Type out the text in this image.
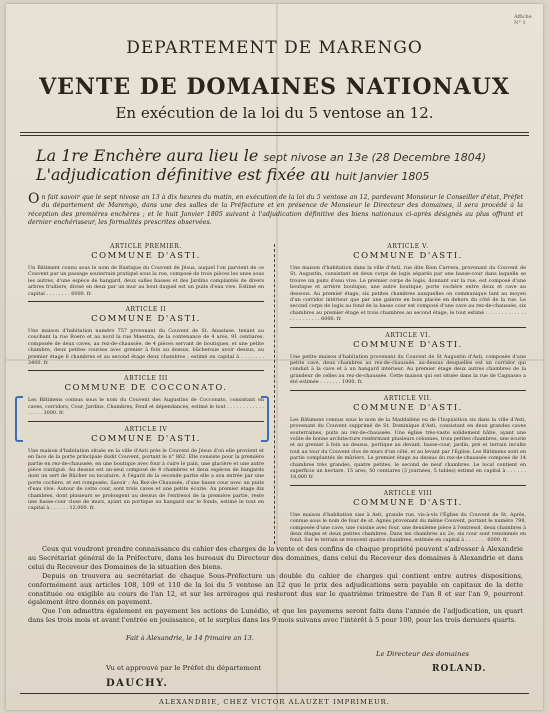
Affiche N° 1
DEPARTEMENT DE MARENGO
VENTE DE DOMAINES NATIONAUX
En exécution de la loi du 5 ventose an 12.
La 1re Enchère aura lieu le sept nivose an 13e (28 Decembre 1804)
L'adjudication définitive est fixée au huit Janvier 1805
O n fait savoir que le sept nivose an 13 à dix heures du matin, en exécution de la loi du 5 ventose an 12, pardevant Monsieur le Conseiller d'état, Préfet du département de Marengo, dans une des salles de la Préfecture et en présence de Monsieur le Directeur des domaines, il sera procédé à la réception des premières enchères ; et le huit Janvier 1805 suivant à l'adjudication définitive des biens nationaux ci-après désignés au plus offrant et dernier enchérisseur, les formalités prescrites observées.

ARTICLE PREMIER.

COMMUNE D'ASTI.

Un Bâtiment connu sous le nom de Rustique du Couvent de Jésus, auquel l'on parvient de ce Couvent par un passage souterrain pratiqué sous la rue, composé de trois pièces les unes sous les autres, d'une espèce de hangard, deux salles basses et des Jardins complantés de divers arbres fruitiers, divisé en deux par un mur au bout duquel est un puits d'eau vive. Estimé en capital . . . . . . . . 6000. fr.

ARTICLE II

COMMUNE D'ASTI.

Une maison d'habitation numéro 757 provenant du Couvent de St. Anastase, tenant au couchant la rue Roero et au nord la rue Maestra, de la contenance de 4 ares, 91 centiares, composée de deux caves, au rez-de-chaussée, de 4 pièces servant de boutiques, et une petite chambre, deux petites courses avec grenier à foin au dessus, bûcheroue avoir dessus, au premier étage 6 chambres et au second étage deux chambres ; estimé en capital à . . . . . . . 3400. fr.

ARTICLE III

COMMUNE DE COCCONATO.

Les Bâtimens connus sous le nom du Couvent des Augustins de Cocconato, consistant en caves, corridors, Cour, Jardins, Chambres, Fenil et dépendances, estimé le tout . . . . . . . . . . . . . . . . . 3000. fr.

ARTICLE IV

COMMUNE D'ASTI.

Une maison d'habitation située en la ville d'Asti près le Couvent de Jésus d'où elle provient et en face de la porte principale dudit Couvent, portant le n° 862. Elle consiste pour la première partie en rez-de-chaussée, en une boutique avec four à cuire le pain, une glacière et une autre pièce contiguë. Au dessus est un-seul composé de 4 chambres et deux espèces de hangards dont un sert de Bûcher ou locataire. A l'égard de la seconde partie elle a son entrée par une porte cochère, et est composée, Savoir : Au Rez-de-Chaussée, d'une basse cour avec un puits d'eau vive. Autour de cette cour, sont trois caves et une petite écurie. Au premier étage dix chambres, dont plusieurs se prolongent au dessus de l'entresol de la première partie, reste une basse-cour close de murs, ayant un portique au hangard sur le fonds, estimé le tout en capital à . . . . . . 12,000. fr.

ARTICLE V.

COMMUNE D'ASTI.

Une maison d'habitation dans la ville d'Asti, rue dite Rion Carrera, provenant du Couvent de St. Augustin, consistant en deux corps de logis séparés par une basse-cour dans laquelle se trouve un puits d'eau vive. Le premier corps de logis, donnant sur la rue, est composé d'une boutique et arrière boutique, une autre boutique, porte cochère entre deux et cave au dessous. Au premier étage, six petites chambres auxquelles on communique tant au moyen d'un corridor intérieur que par une galerie en bois placée en dehors du côté de la rue. Le second corps de logis au fond de la basse cour est composé d'une cave au rez-de-chaussée, six chambres au premier étage et trois chambres au second étage, le tout estimé . . . . . . . . . . . . . . . . . . . . . . . 6000. fr.

ARTICLE VI.

COMMUNE D'ASTI.

Une petite maison d'habitation provenant du Couvent de St Augustin d'Asti, composée d'une petite cave, deux chambres au rez-de-chaussée, au-dessus desquelles est un corridor qui conduit à la cave et à un hangard intérieur. Au premier étage deux autres chambres de la grandeur de celles au rez-de-chaussée. Cette maison qui est située dans la rue de Cagnasso a été estimée . . . . . . . 1900. fr.

ARTICLE VII.

COMMUNE D'ASTI.

Les Bâtimens connus sous le nom de la Maddalène ou de l'Inquisition sis dans la ville d'Asti, provenant du Couvent supprimé de St. Dominique d'Asti, consistant en deux grandes caves souterraines, puits au rez-de-chaussée. Une église très-vaste solidement bâtie, ayant une voûte de bonne architecture renfermant plusieurs colonnes, trois petites chambres, une écurie et au grenier à foin au dessus, portique au devant, basse-cour, jardin, pré et terrain inculte tout au tour du Couvent clos de murs d'un côté, et au levant par l'Église. Les Bâtimens sont en partie complantés de mûriers. Le premier étage au dessus du rez-de-chaussée composé de 14 chambres très grandes, quatre petites, le second de neuf chambres. Le local contient en superficie un hectare, 15 ares, 50 centiares (3 journées, 5 tables) estimé en capital à . . . . . . 18,000 fr.

ARTICLE VIII

COMMUNE D'ASTI.

Une maison d'habitation sise à Asti, grande rue, vis-à-vis l'Église du Couvent de St. Après, connue sous le nom de four de st. Agnès provenant du même Couvent, portant le numéro 798, composée d'une cave, une cuisine avec four, une deuxième pièce à l'entresol, deux chambres à deux étages et deux petites chambres. Dans les chambres au 2e, six cour sont renommés en fond. Sur le terrain se trouvent quatre chambres, estimée en capital à . . . . . . . 6000. fr.

Ceux qui voudront prendre connaissance du cahier des charges de la vente et des confins de chaque propriété peuvent s'adresser à Alexandrie au Secrétariat général de la Préfecture, dans les bureaux du Directeur des domaines, dans celui du Receveur des domaines à Alexandrie et dans celui du Receveur des Domaines de la situation des biens.

Depuis on trouvera au secrétariat de chaque Sous-Préfecture un double du cahier de charges qui contient entre autres dispositions, conformément aux articles 108, 109 et 110 de la loi du 5 ventose an 12 que le prix des adjudications sera payable en capitaux de la dette constituée ou exigible au cours de l'an 12, et sur les arrérages qui resteront dus sur le quatrième trimestre de l'an 8 et sur l'an 9, pourront également être donnés en payement.

Que l'on admettra également en payement les actions de Lunédio, et que les payemens seront faits dans l'année de l'adjudication, un quart dans les trois mois et avant l'entrée en jouissance, et le surplus dans les 9 mois suivans avec l'intérêt à 5 pour 100, pour les trois derniers quarts.

Fait à Alexandrie, le 14 frimaire an 13.
Vu et approuvé par le Préfet du département
DAUCHY.
Le Directeur des domaines
ROLAND.
ALEXANDRIE, CHEZ VICTOR ALAUZET IMPRIMEUR.
